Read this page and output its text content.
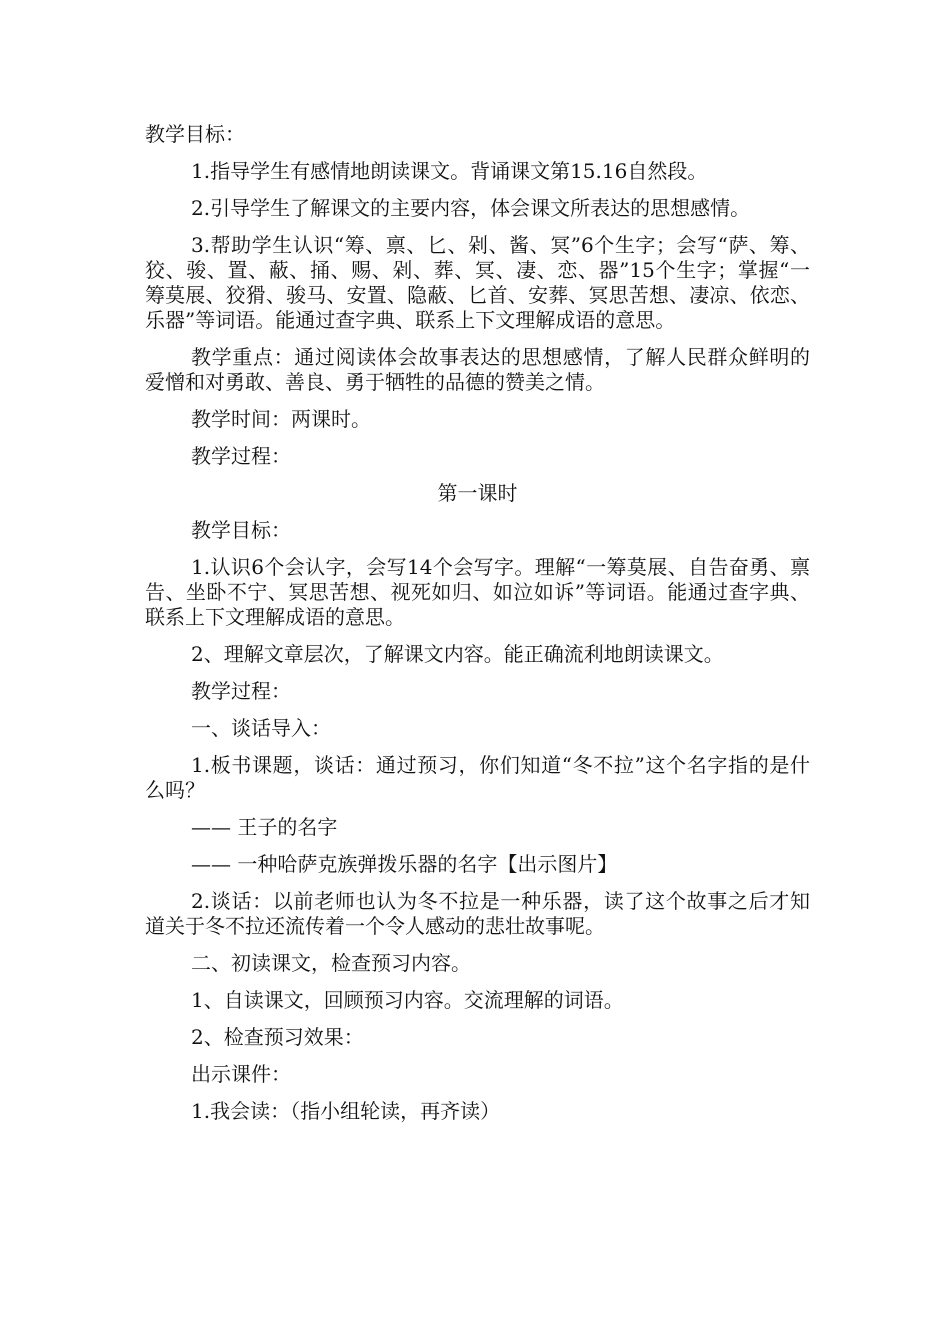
教学目标：

1.指导学生有感情地朗读课文。背诵课文第15.16自然段。

2.引导学生了解课文的主要内容，体会课文所表达的思想感情。

3.帮助学生认识“筹、禀、匕、剁、酱、冥”6个生字；会写“萨、筹、狡、骏、置、蔽、捅、赐、剁、葬、冥、凄、恋、器”15个生字；掌握“一筹莫展、狡猾、骏马、安置、隐蔽、匕首、安葬、冥思苦想、凄凉、依恋、乐器”等词语。能通过查字典、联系上下文理解成语的意思。

教学重点：通过阅读体会故事表达的思想感情，了解人民群众鲜明的爱憎和对勇敢、善良、勇于牺牲的品德的赞美之情。

教学时间：两课时。

教学过程：

第一课时

教学目标：

1.认识6个会认字，会写14个会写字。理解“一筹莫展、自告奋勇、禀告、坐卧不宁、冥思苦想、视死如归、如泣如诉”等词语。能通过查字典、联系上下文理解成语的意思。

2、理解文章层次，了解课文内容。能正确流利地朗读课文。

教学过程：

一、谈话导入：

1.板书课题，谈话：通过预习，你们知道“冬不拉”这个名字指的是什么吗？

—— 王子的名字

—— 一种哈萨克族弹拨乐器的名字【出示图片】

2.谈话：以前老师也认为冬不拉是一种乐器，读了这个故事之后才知道关于冬不拉还流传着一个令人感动的悲壮故事呢。

二、初读课文，检查预习内容。

1、自读课文，回顾预习内容。交流理解的词语。

2、检查预习效果：

出示课件：

1.我会读：（指小组轮读，再齐读）
